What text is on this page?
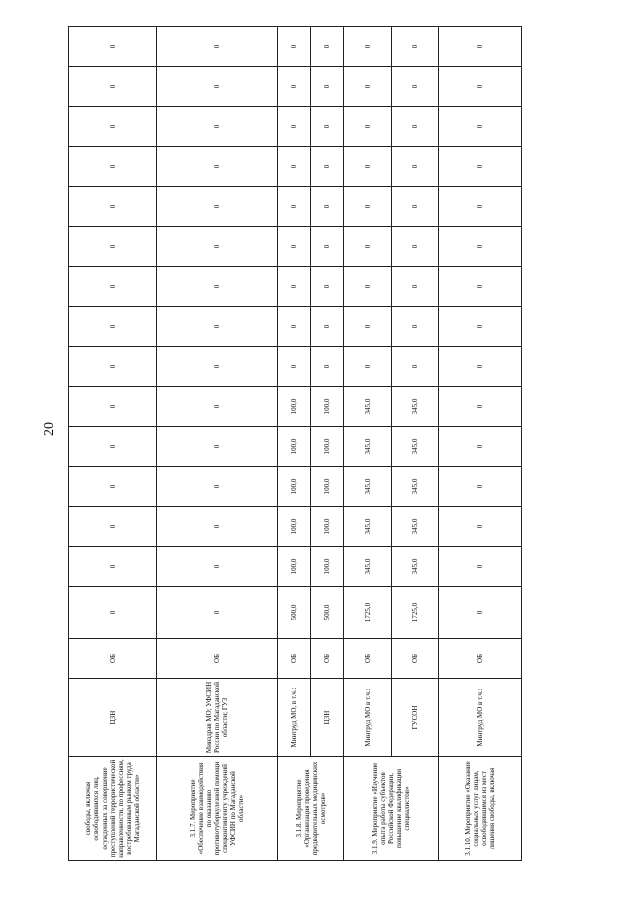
20
свободы, включая освободившихся лиц, осужденных за совершение преступлений террористической направленности, по профессиям, востребованным рынком труда Магаданской области»	ЦЗН	ОБ	0	0	0	0	0	0	0	0	0	0	0	0	0	0	0
3.1.7. Мероприятие «Обеспечение взаимодействия по оказанию противотуберкулезной помощи спецконтингенту учреждений УФСИН по Магаданской области»	Минздрав МО; УФСИН России по Магаданской области; ГУЗ	ОБ	0	0	0	0	0	0	0	0	0	0	0	0	0	0	0
3.1.8. Мероприятие «Организация проведения предварительных медицинских осмотров»	Минтруд МО, в т.ч.:	ОБ	500,0	100,0	100,0	100,0	100,0	100,0	0	0	0	0	0	0	0	0	0
	ЦЗН	ОБ	500,0	100,0	100,0	100,0	100,0	100,0	0	0	0	0	0	0	0	0	0
3.1.9. Мероприятие «Изучение опыта работы субъектов Российской Федерации, повышение квалификации специалистов»	Минтруд МО в т.ч.:	ОБ	1725,0	345,0	345,0	345,0	345,0	345,0	0	0	0	0	0	0	0	0	0
	ГУСОН	ОБ	1725,0	345,0	345,0	345,0	345,0	345,0	0	0	0	0	0	0	0	0	0
3.1.10. Мероприятие «Оказание социальных услуг лицам, освободившимся из мест лишения свободы, включая	Минтруд МО в т.ч.:	ОБ	0	0	0	0	0	0	0	0	0	0	0	0	0	0	0
